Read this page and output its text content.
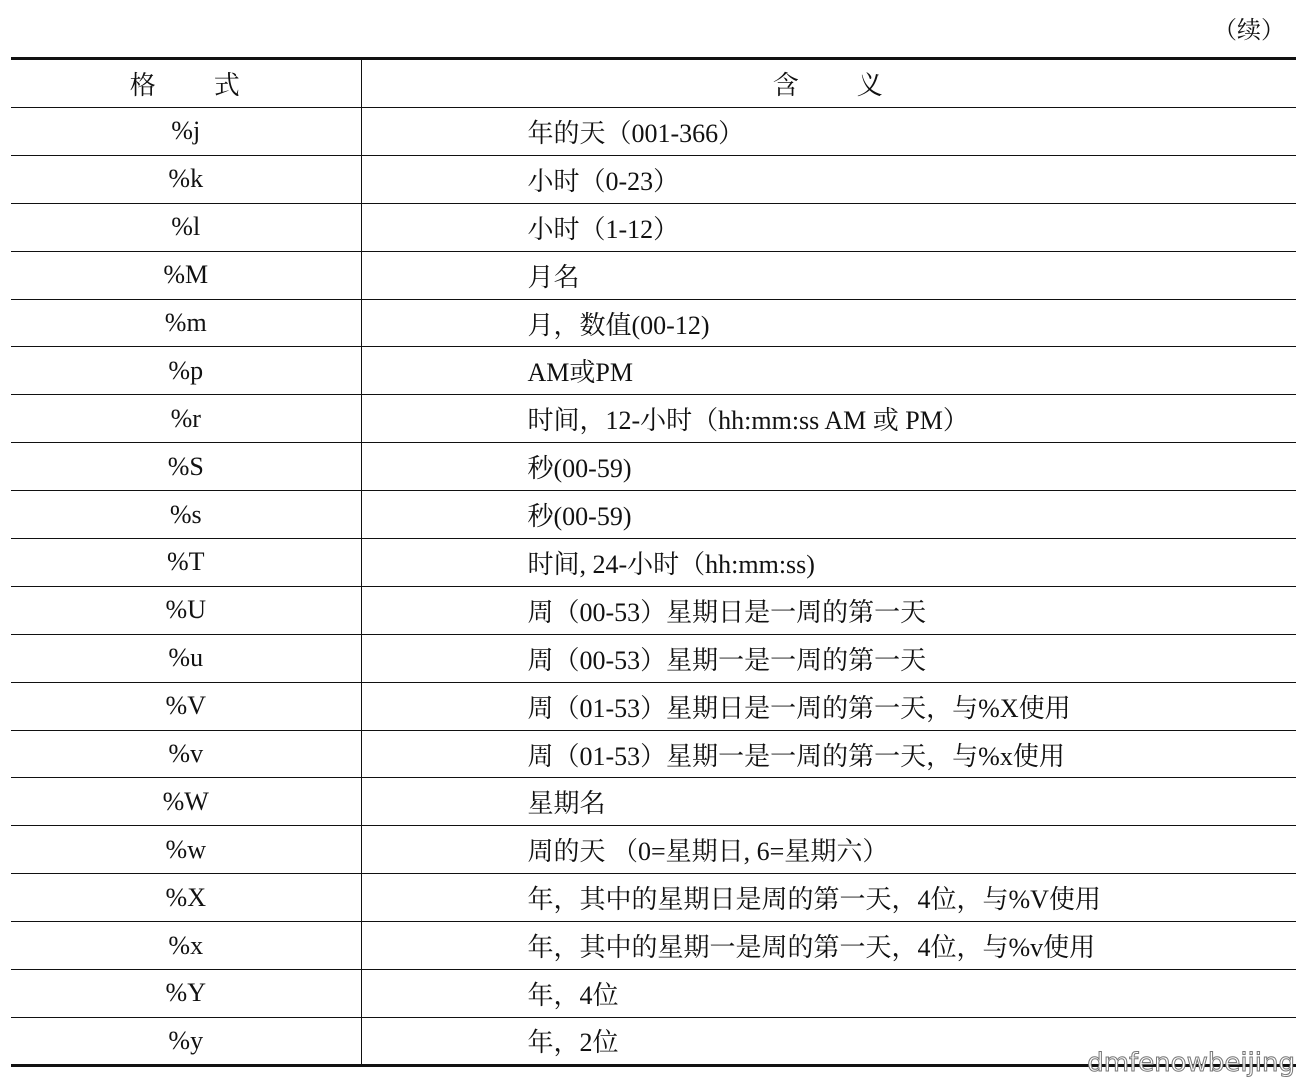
（续）
格 式	含 义
%j	年的天（001-366）
%k	小时（0-23）
%l	小时（1-12）
%M	月名
%m	月，数值(00-12)
%p	AM或PM
%r	时间，12-小时（hh:mm:ss AM 或 PM）
%S	秒(00-59)
%s	秒(00-59)
%T	时间, 24-小时（hh:mm:ss)
%U	周（00-53）星期日是一周的第一天
%u	周（00-53）星期一是一周的第一天
%V	周（01-53）星期日是一周的第一天，与%X使用
%v	周（01-53）星期一是一周的第一天，与%x使用
%W	星期名
%w	周的天 （0=星期日, 6=星期六）
%X	年，其中的星期日是周的第一天，4位，与%V使用
%x	年，其中的星期一是周的第一天，4位，与%v使用
%Y	年，4位
%y	年，2位
dmfenowbeijing
